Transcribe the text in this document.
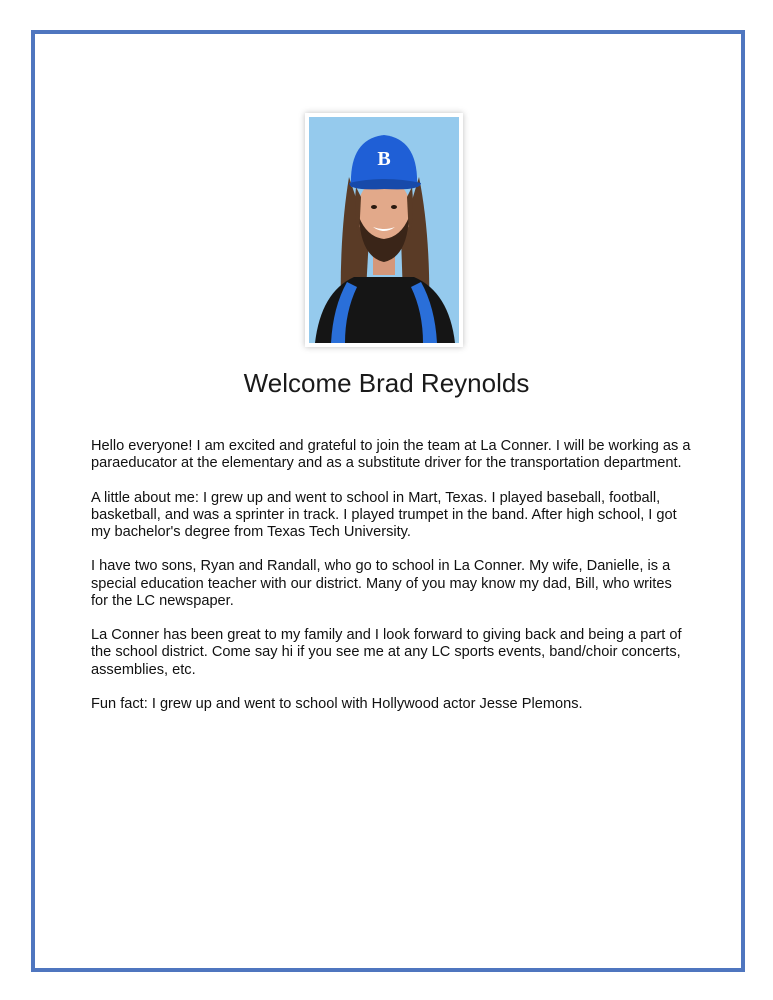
B
Welcome Brad Reynolds

Hello everyone! I am excited and grateful to join the team at La Conner. I will be working as a paraeducator at the elementary and as a substitute driver for the transportation department.

A little about me: I grew up and went to school in Mart, Texas. I played baseball, football, basketball, and was a sprinter in track. I played trumpet in the band. After high school, I got my bachelor's degree from Texas Tech University.

I have two sons, Ryan and Randall, who go to school in La Conner. My wife, Danielle, is a special education teacher with our district. Many of you may know my dad, Bill, who writes for the LC newspaper.

La Conner has been great to my family and I look forward to giving back and being a part of the school district. Come say hi if you see me at any LC sports events, band/choir concerts, assemblies, etc.

Fun fact: I grew up and went to school with Hollywood actor Jesse Plemons.
